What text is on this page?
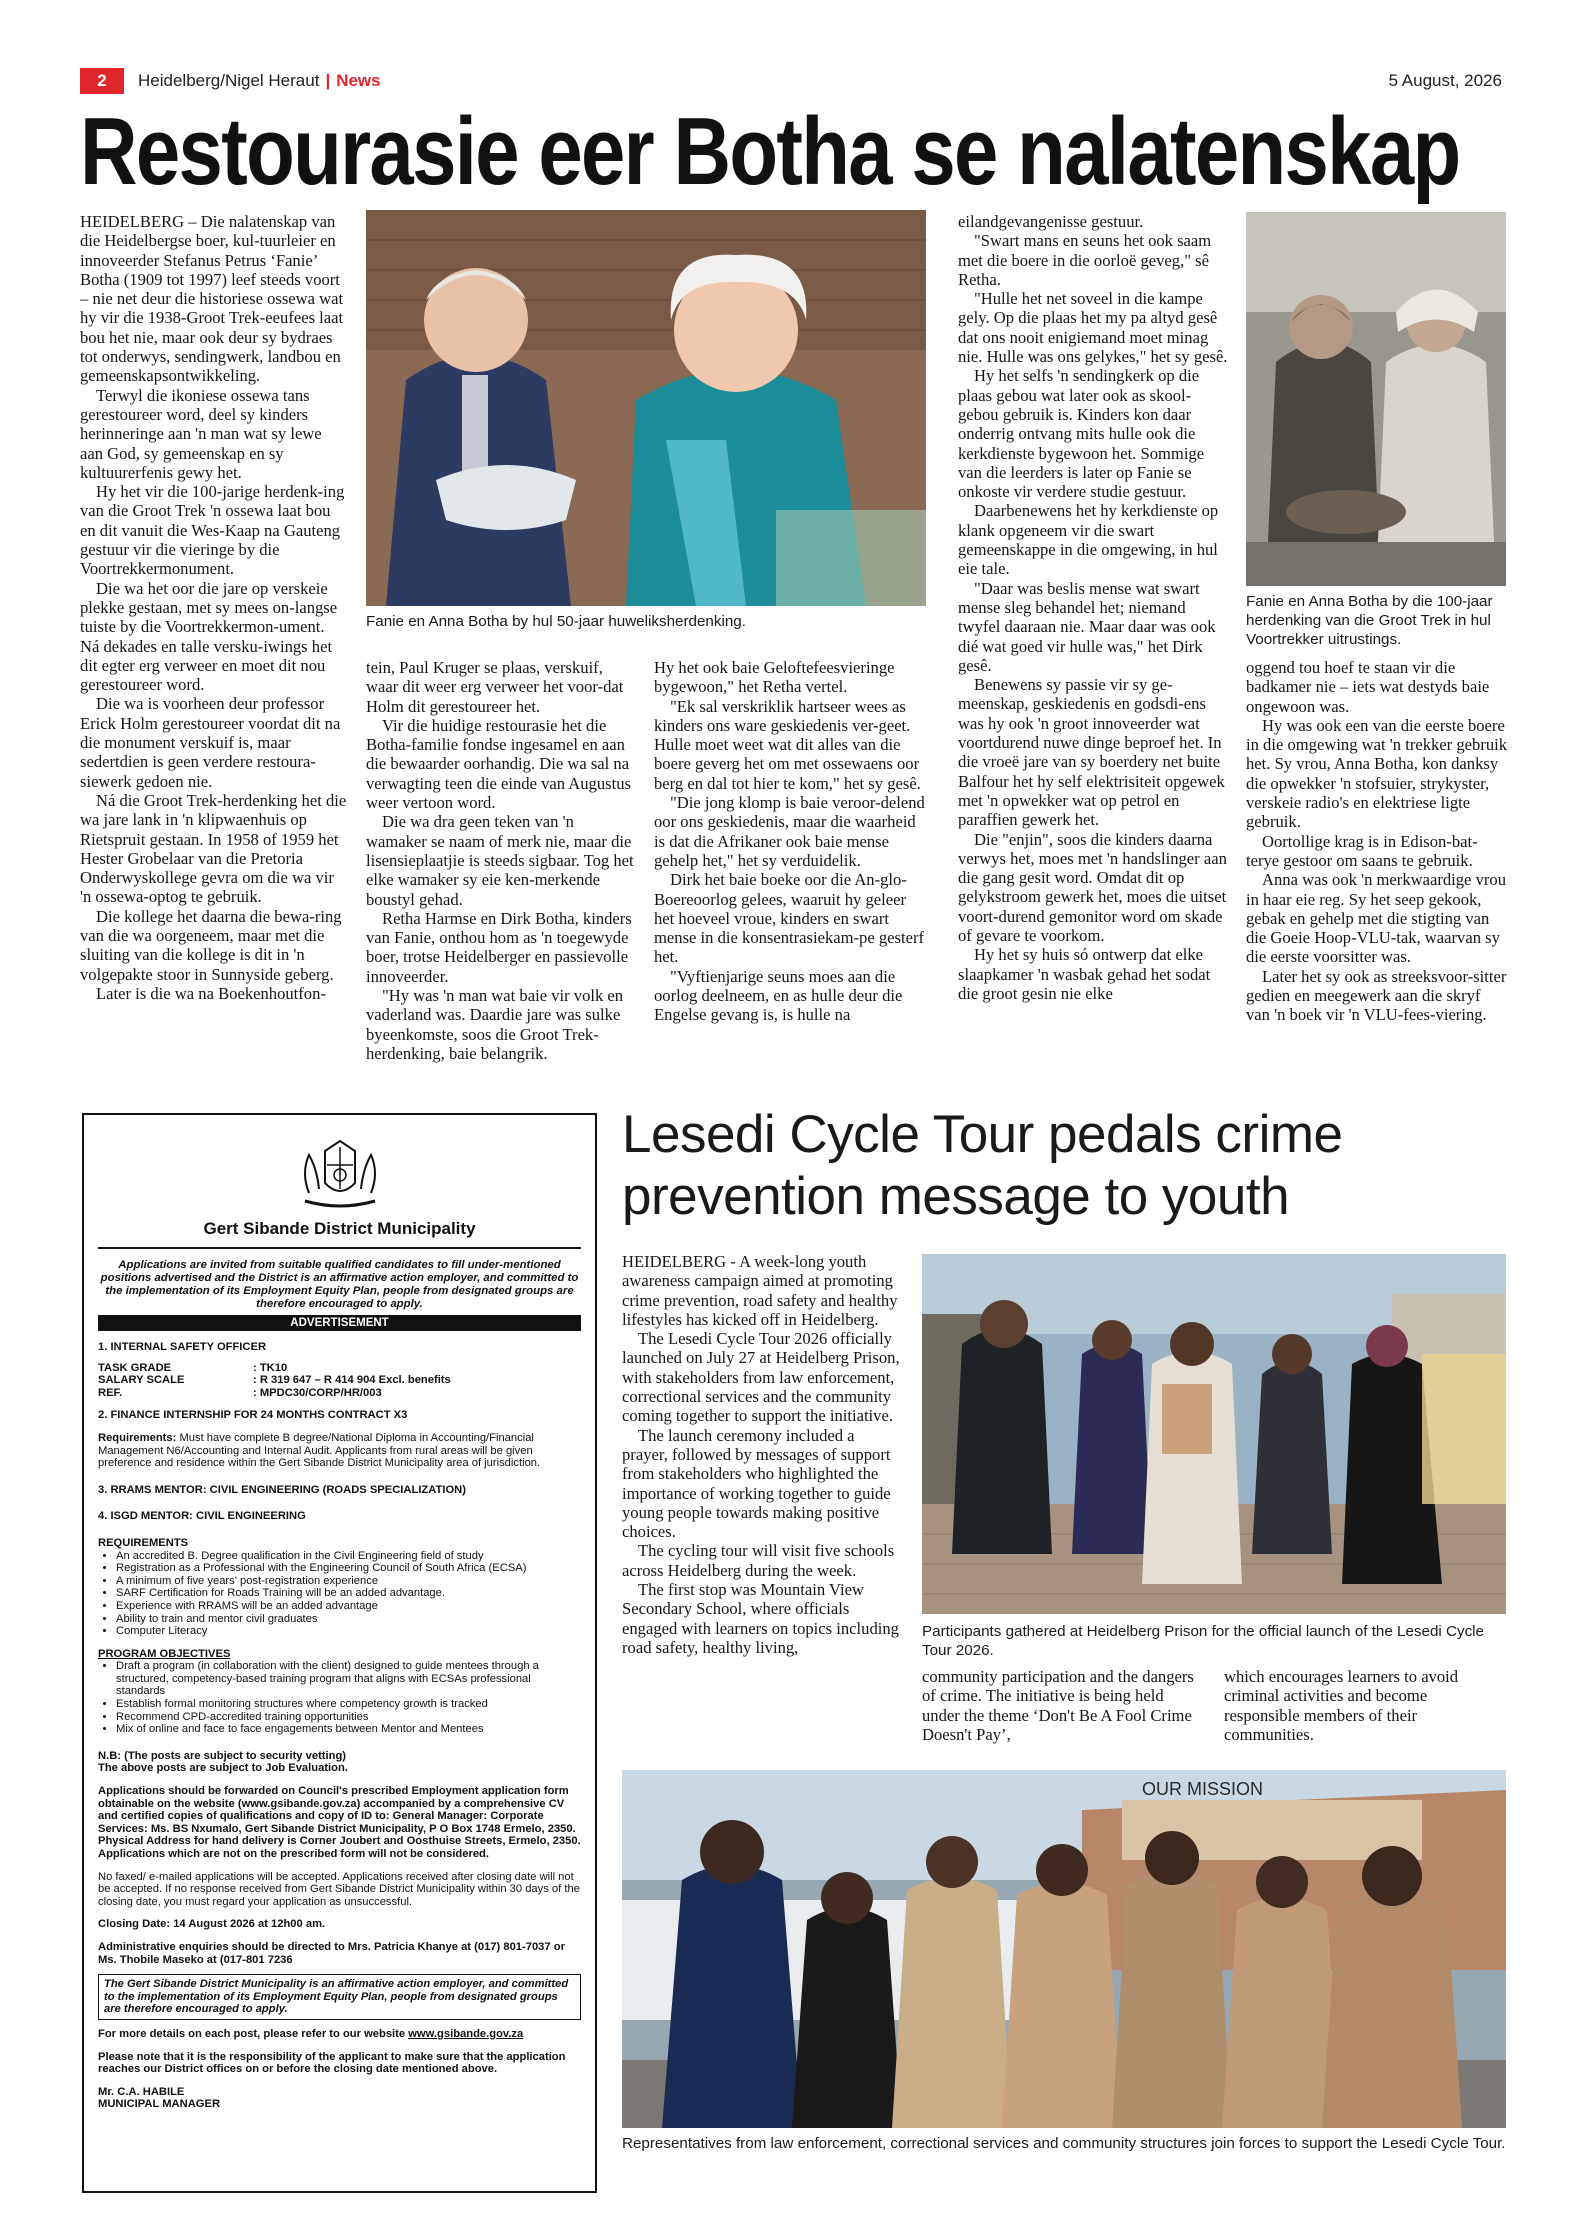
2	Heidelberg/Nigel Heraut | News	5 August, 2026
Restourasie eer Botha se nalatenskap

HEIDELBERG – Die nalatenskap van die Heidelbergse boer, kul-tuurleier en innoveerder Stefanus Petrus ‘Fanie’ Botha (1909 tot 1997) leef steeds voort – nie net deur die historiese ossewa wat hy vir die 1938-Groot Trek-eeufees laat bou het nie, maar ook deur sy bydraes tot onderwys, sendingwerk, landbou en gemeenskapsontwikkeling.

Terwyl die ikoniese ossewa tans gerestoureer word, deel sy kinders herinneringe aan 'n man wat sy lewe aan God, sy gemeenskap en sy kultuurerfenis gewy het.

Hy het vir die 100-jarige herdenk-ing van die Groot Trek 'n ossewa laat bou en dit vanuit die Wes-Kaap na Gauteng gestuur vir die vieringe by die Voortrekkermonument.

Die wa het oor die jare op verskeie plekke gestaan, met sy mees on-langse tuiste by die Voortrekkermon-ument. Ná dekades en talle versku-iwings het dit egter erg verweer en moet dit nou gerestoureer word.

Die wa is voorheen deur professor Erick Holm gerestoureer voordat dit na die monument verskuif is, maar sedertdien is geen verdere restoura-siewerk gedoen nie.

Ná die Groot Trek-herdenking het die wa jare lank in 'n klipwaenhuis op Rietspruit gestaan. In 1958 of 1959 het Hester Grobelaar van die Pretoria Onderwyskollege gevra om die wa vir 'n ossewa-optog te gebruik.

Die kollege het daarna die bewa-ring van die wa oorgeneem, maar met die sluiting van die kollege is dit in 'n volgepakte stoor in Sunnyside geberg.

Later is die wa na Boekenhoutfon-

Fanie en Anna Botha by hul 50-jaar huweliksherdenking.

tein, Paul Kruger se plaas, verskuif, waar dit weer erg verweer het voor-dat Holm dit gerestoureer het.

Vir die huidige restourasie het die Botha-familie fondse ingesamel en aan die bewaarder oorhandig. Die wa sal na verwagting teen die einde van Augustus weer vertoon word.

Die wa dra geen teken van 'n wamaker se naam of merk nie, maar die lisensieplaatjie is steeds sigbaar. Tog het elke wamaker sy eie ken-merkende boustyl gehad.

Retha Harmse en Dirk Botha, kinders van Fanie, onthou hom as 'n toegewyde boer, trotse Heidelberger en passievolle innoveerder.

"Hy was 'n man wat baie vir volk en vaderland was. Daardie jare was sulke byeenkomste, soos die Groot Trek-herdenking, baie belangrik.

Hy het ook baie Geloftefeesvieringe bygewoon," het Retha vertel.

"Ek sal verskriklik hartseer wees as kinders ons ware geskiedenis ver-geet. Hulle moet weet wat dit alles van die boere geverg het om met ossewaens oor berg en dal tot hier te kom," het sy gesê.

"Die jong klomp is baie veroor-delend oor ons geskiedenis, maar die waarheid is dat die Afrikaner ook baie mense gehelp het," het sy verduidelik.

Dirk het baie boeke oor die An-glo-Boereoorlog gelees, waaruit hy geleer het hoeveel vroue, kinders en swart mense in die konsentrasiekam-pe gesterf het.

"Vyftienjarige seuns moes aan die oorlog deelneem, en as hulle deur die Engelse gevang is, is hulle na

eilandgevangenisse gestuur.

"Swart mans en seuns het ook saam met die boere in die oorloë geveg," sê Retha.

"Hulle het net soveel in die kampe gely. Op die plaas het my pa altyd gesê dat ons nooit enigiemand moet minag nie. Hulle was ons gelykes," het sy gesê.

Hy het selfs 'n sendingkerk op die plaas gebou wat later ook as skool-gebou gebruik is. Kinders kon daar onderrig ontvang mits hulle ook die kerkdienste bygewoon het. Sommige van die leerders is later op Fanie se onkoste vir verdere studie gestuur.

Daarbenewens het hy kerkdienste op klank opgeneem vir die swart gemeenskappe in die omgewing, in hul eie tale.

"Daar was beslis mense wat swart mense sleg behandel het; niemand twyfel daaraan nie. Maar daar was ook dié wat goed vir hulle was," het Dirk gesê.

Benewens sy passie vir sy ge-meenskap, geskiedenis en godsdi-ens was hy ook 'n groot innoveerder wat voortdurend nuwe dinge beproef het. In die vroeë jare van sy boerdery net buite Balfour het hy self elektrisiteit opgewek met 'n opwekker wat op petrol en paraffien gewerk het.

Die "enjin", soos die kinders daarna verwys het, moes met 'n handslinger aan die gang gesit word. Omdat dit op gelykstroom gewerk het, moes die uitset voort-durend gemonitor word om skade of gevare te voorkom.

Hy het sy huis só ontwerp dat elke slaapkamer 'n wasbak gehad het sodat die groot gesin nie elke

Fanie en Anna Botha by die 100-jaar herdenking van die Groot Trek in hul Voortrekker uitrustings.

oggend tou hoef te staan vir die badkamer nie – iets wat destyds baie ongewoon was.

Hy was ook een van die eerste boere in die omgewing wat 'n trekker gebruik het. Sy vrou, Anna Botha, kon danksy die opwekker 'n stofsuier, strykyster, verskeie radio's en elektriese ligte gebruik.

Oortollige krag is in Edison-bat-terye gestoor om saans te gebruik.

Anna was ook 'n merkwaardige vrou in haar eie reg. Sy het seep gekook, gebak en gehelp met die stigting van die Goeie Hoop-VLU-tak, waarvan sy die eerste voorsitter was.

Later het sy ook as streeksvoor-sitter gedien en meegewerk aan die skryf van 'n boek vir 'n VLU-fees-viering.

Gert Sibande District Municipality
Applications are invited from suitable qualified candidates to fill under-mentioned positions advertised and the District is an affirmative action employer, and committed to the implementation of its Employment Equity Plan, people from designated groups are therefore encouraged to apply.
ADVERTISEMENT
1. INTERNAL SAFETY OFFICER
TASK GRADE	: TK10
SALARY SCALE	: R 319 647 – R 414 904 Excl. benefits
REF.	: MPDC30/CORP/HR/003
2. FINANCE INTERNSHIP FOR 24 MONTHS CONTRACT X3
Requirements: Must have complete B degree/National Diploma in Accounting/Financial Management N6/Accounting and Internal Audit. Applicants from rural areas will be given preference and residence within the Gert Sibande District Municipality area of jurisdiction.
3. RRAMS MENTOR: CIVIL ENGINEERING (ROADS SPECIALIZATION)
4. ISGD MENTOR: CIVIL ENGINEERING
REQUIREMENTS
• An accredited B. Degree qualification in the Civil Engineering field of study
• Registration as a Professional with the Engineering Council of South Africa (ECSA)
• A minimum of five years' post-registration experience
• SARF Certification for Roads Training will be an added advantage.
• Experience with RRAMS will be an added advantage
• Ability to train and mentor civil graduates
• Computer Literacy
PROGRAM OBJECTIVES
• Draft a program (in collaboration with the client) designed to guide mentees through a structured, competency-based training program that aligns with ECSAs professional standards
• Establish formal monitoring structures where competency growth is tracked
• Recommend CPD-accredited training opportunities
• Mix of online and face to face engagements between Mentor and Mentees
N.B: (The posts are subject to security vetting)
The above posts are subject to Job Evaluation.
Applications should be forwarded on Council's prescribed Employment application form obtainable on the website (www.gsibande.gov.za) accompanied by a comprehensive CV and certified copies of qualifications and copy of ID to: General Manager: Corporate Services: Ms. BS Nxumalo, Gert Sibande District Municipality, P O Box 1748 Ermelo, 2350. Physical Address for hand delivery is Corner Joubert and Oosthuise Streets, Ermelo, 2350. Applications which are not on the prescribed form will not be considered.
No faxed/ e-mailed applications will be accepted. Applications received after closing date will not be accepted. If no response received from Gert Sibande District Municipality within 30 days of the closing date, you must regard your application as unsuccessful.
Closing Date: 14 August 2026 at 12h00 am.
Administrative enquiries should be directed to Mrs. Patricia Khanye at (017) 801-7037 or Ms. Thobile Maseko at (017-801 7236
The Gert Sibande District Municipality is an affirmative action employer, and committed to the implementation of its Employment Equity Plan, people from designated groups are therefore encouraged to apply.
For more details on each post, please refer to our website www.gsibande.gov.za
Please note that it is the responsibility of the applicant to make sure that the application reaches our District offices on or before the closing date mentioned above.
Mr. C.A. HABILE
MUNICIPAL MANAGER
Lesedi Cycle Tour pedals crime prevention message to youth

HEIDELBERG - A week-long youth awareness campaign aimed at promoting crime prevention, road safety and healthy lifestyles has kicked off in Heidelberg.

The Lesedi Cycle Tour 2026 officially launched on July 27 at Heidelberg Prison, with stakeholders from law enforcement, correctional services and the community coming together to support the initiative.

The launch ceremony included a prayer, followed by messages of support from stakeholders who highlighted the importance of working together to guide young people towards making positive choices.

The cycling tour will visit five schools across Heidelberg during the week.

The first stop was Mountain View Secondary School, where officials engaged with learners on topics including road safety, healthy living,

Participants gathered at Heidelberg Prison for the official launch of the Lesedi Cycle Tour 2026.

community participation and the dangers of crime. The initiative is being held under the theme ‘Don't Be A Fool Crime Doesn't Pay’,

which encourages learners to avoid criminal activities and become responsible members of their communities.

OUR MISSION
Representatives from law enforcement, correctional services and community structures join forces to support the Lesedi Cycle Tour.
